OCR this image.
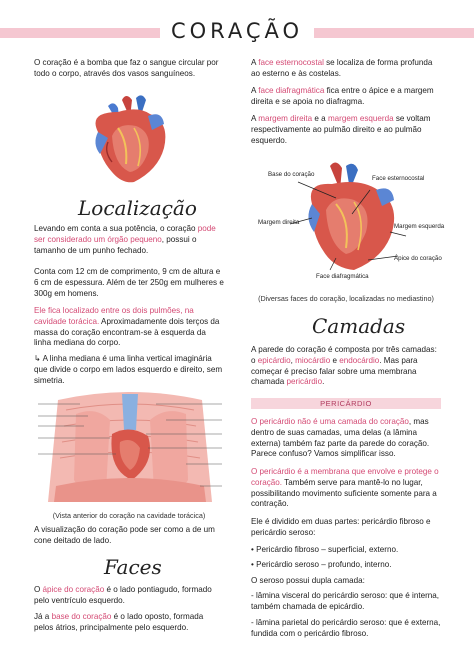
CORAÇÃO
O coração é a bomba que faz o sangue circular por todo o corpo, através dos vasos sanguíneos.
Localização
Levando em conta a sua potência, o coração pode ser considerado um órgão pequeno, possui o tamanho de um punho fechado.
Conta com 12 cm de comprimento, 9 cm de altura e 6 cm de espessura. Além de ter 250g em mulheres e 300g em homens.
Ele fica localizado entre os dois pulmões, na cavidade torácica. Aproximadamente dois terços da massa do coração encontram-se à esquerda da linha mediana do corpo.
↳ A linha mediana é uma linha vertical imaginária que divide o corpo em lados esquerdo e direito, sem simetria.
(Vista anterior do coração na cavidade torácica)
A visualização do coração pode ser como a de um cone deitado de lado.
Faces
O ápice do coração é o lado pontiagudo, formado pelo ventrículo esquerdo.
Já a base do coração é o lado oposto, formada pelos átrios, principalmente pelo esquerdo.
A face esternocostal se localiza de forma profunda ao esterno e às costelas.
A face diafragmática fica entre o ápice e a margem direita e se apoia no diafragma.
A margem direita e a margem esquerda se voltam respectivamente ao pulmão direito e ao pulmão esquerdo.
Base do coração
Face esternocostal
Margem direita
Margem esquerda
Ápice do coração
Face diafragmática
(Diversas faces do coração, localizadas no mediastino)
Camadas
A parede do coração é composta por três camadas: o epicárdio, miocárdio e endocárdio. Mas para começar é preciso falar sobre uma membrana chamada pericárdio.
PERICÁRDIO
O pericárdio não é uma camada do coração, mas dentro de suas camadas, uma delas (a lâmina externa) também faz parte da parede do coração. Parece confuso? Vamos simplificar isso.
O pericárdio é a membrana que envolve e protege o coração. Também serve para mantê-lo no lugar, possibilitando movimento suficiente somente para a contração.
Ele é dividido em duas partes: pericárdio fibroso e pericárdio seroso:
• Pericárdio fibroso – superficial, externo.
• Pericárdio seroso – profundo, interno.
O seroso possui dupla camada:
- lâmina visceral do pericárdio seroso: que é interna, também chamada de epicárdio.
- lâmina parietal do pericárdio seroso: que é externa, fundida com o pericárdio fibroso.
